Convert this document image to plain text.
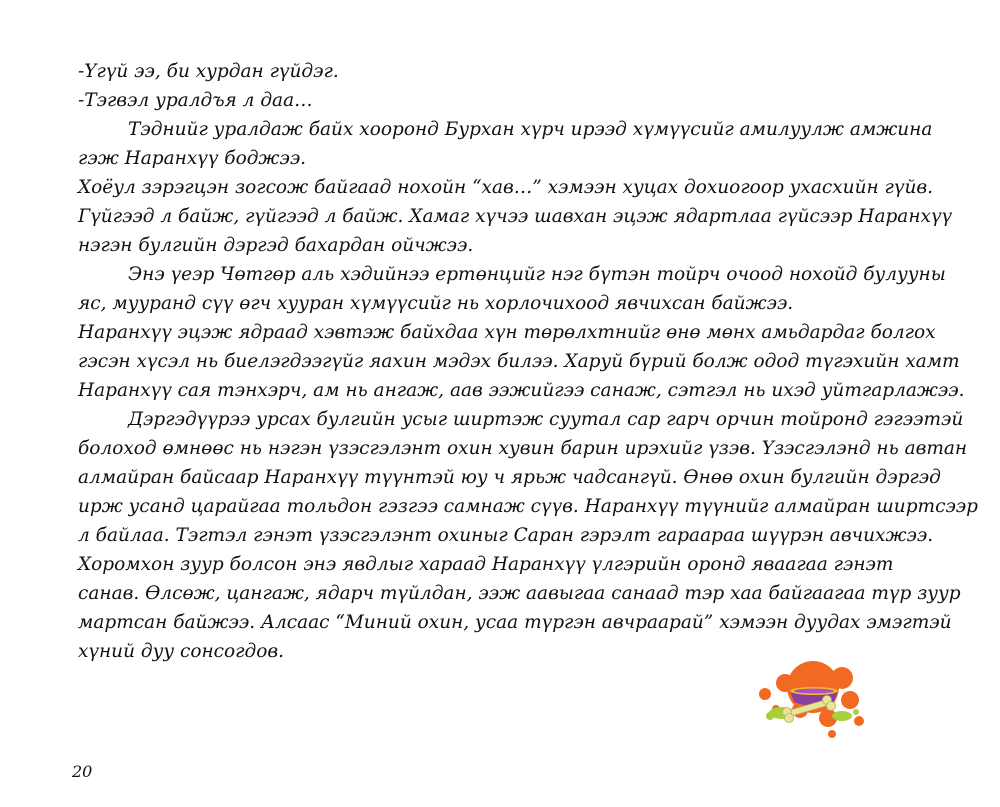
-Үгүй ээ, би хурдан гүйдэг.
-Тэгвэл уралдъя л даа…
Тэднийг уралдаж байх хооронд Бурхан хүрч ирээд хүмүүсийг амилуулж амжина
гэж Наранхүү боджээ.
Хоёул зэрэгцэн зогсож байгаад нохойн “хав…” хэмээн хуцах дохиогоор ухасхийн гүйв.
Гүйгээд л байж, гүйгээд л байж. Хамаг хүчээ шавхан эцэж ядартлаа гүйсээр Наранхүү
нэгэн булгийн дэргэд бахардан ойчжээ.
Энэ үеэр Чөтгөр аль хэдийнээ ертөнцийг нэг бүтэн тойрч очоод нохойд булууны
яс, мууранд сүү өгч хууран хүмүүсийг нь хорлочихоод явчихсан байжээ.
Наранхүү эцэж ядраад хэвтэж байхдаа хүн төрөлхтнийг өнө мөнх амьдардаг болгох
гэсэн хүсэл нь биелэгдээгүйг яахин мэдэх билээ. Харуй бүрий болж одод түгэхийн хамт
Наранхүү сая тэнхэрч, ам нь ангаж, аав ээжийгээ санаж, сэтгэл нь ихэд уйтгарлажээ.
Дэргэдүүрээ урсах булгийн усыг ширтэж суутал сар гарч орчин тойронд гэгээтэй
болоход өмнөөс нь нэгэн үзэсгэлэнт охин хувин барин ирэхийг үзэв. Үзэсгэлэнд нь автан
алмайран байсаар Наранхүү түүнтэй юу ч ярьж чадсангүй. Өнөө охин булгийн дэргэд
ирж усанд царайгаа тольдон гэзгээ самнаж сүүв. Наранхүү түүнийг алмайран ширтсээр
л байлаа. Тэгтэл гэнэт үзэсгэлэнт охиныг Саран гэрэлт гараараа шүүрэн авчихжээ.
Хоромхон зуур болсон энэ явдлыг хараад Наранхүү үлгэрийн оронд яваагаа гэнэт
санав. Өлсөж, цангаж, ядарч түйлдан, ээж аавыгаа санаад тэр хаа байгаагаа түр зуур
мартсан байжээ. Алсаас “Миний охин, усаа түргэн авчраарай” хэмээн дуудах эмэгтэй
хүний дуу сонсогдов.
20
